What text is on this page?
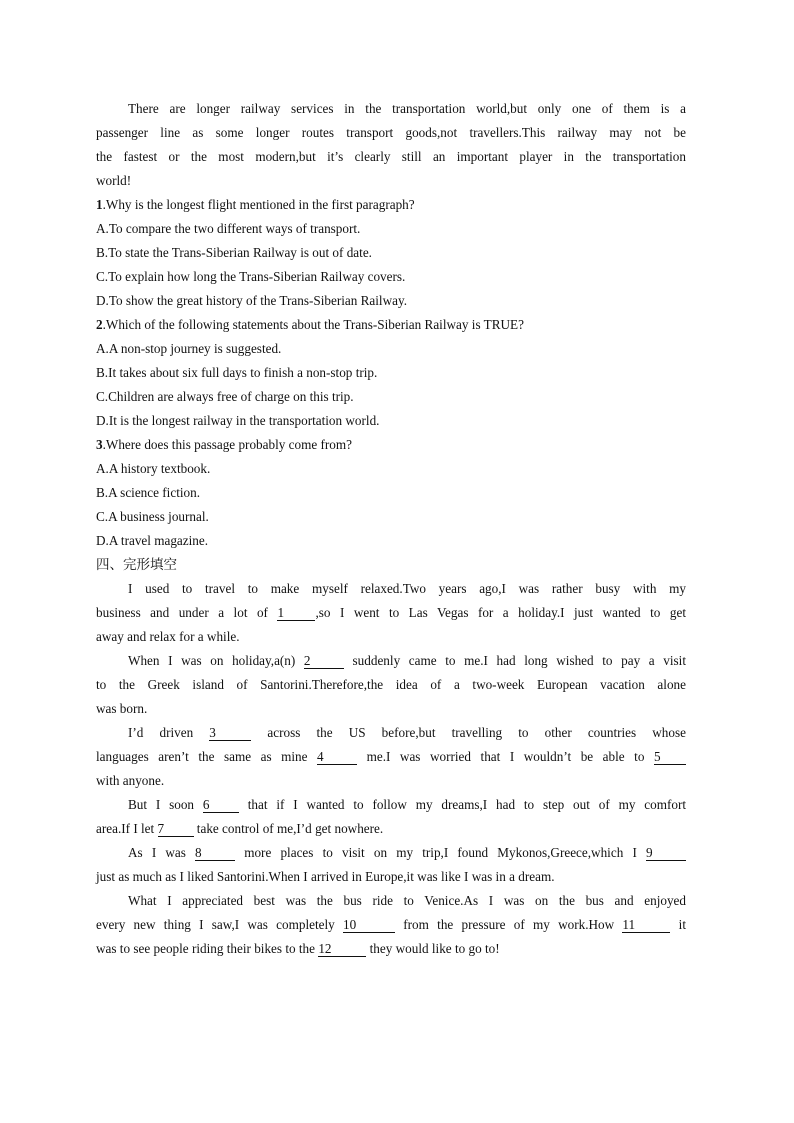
There are longer railway services in the transportation world,but only one of them is a
passenger line as some longer routes transport goods,not travellers.This railway may not be
the fastest or the most modern,but it’s clearly still an important player in the transportation
world!
1.Why is the longest flight mentioned in the first paragraph?
A.To compare the two different ways of transport.
B.To state the Trans-Siberian Railway is out of date.
C.To explain how long the Trans-Siberian Railway covers.
D.To show the great history of the Trans-Siberian Railway.
2.Which of the following statements about the Trans-Siberian Railway is TRUE?
A.A non-stop journey is suggested.
B.It takes about six full days to finish a non-stop trip.
C.Children are always free of charge on this trip.
D.It is the longest railway in the transportation world.
3.Where does this passage probably come from?
A.A history textbook.
B.A science fiction.
C.A business journal.
D.A travel magazine.
四、完形填空
I used to travel to make myself relaxed.Two years ago,I was rather busy with my
business and under a lot of 1 ,so I went to Las Vegas for a holiday.I just wanted to get
away and relax for a while.
When I was on holiday,a(n) 2	suddenly came to me.I had long wished to pay a visit
to the Greek island of Santorini.Therefore,the idea of a two-week European vacation alone
was born.
I’d driven 3	across the US before,but travelling to other countries whose
languages aren’t the same as mine 4	me.I was worried that I wouldn’t be able to 5
with anyone.
But I soon 6 that if I wanted to follow my dreams,I had to step out of my comfort
area.If I let 7 take control of me,I’d get nowhere.
As I was 8	more places to visit on my trip,I found Mykonos,Greece,which I 9
just as much as I liked Santorini.When I arrived in Europe,it was like I was in a dream.
What I appreciated best was the bus ride to Venice.As I was on the bus and enjoyed
every new thing I saw,I was completely 10	from the pressure of my work.How 11	it
was to see people riding their bikes to the 12	they would like to go to!
